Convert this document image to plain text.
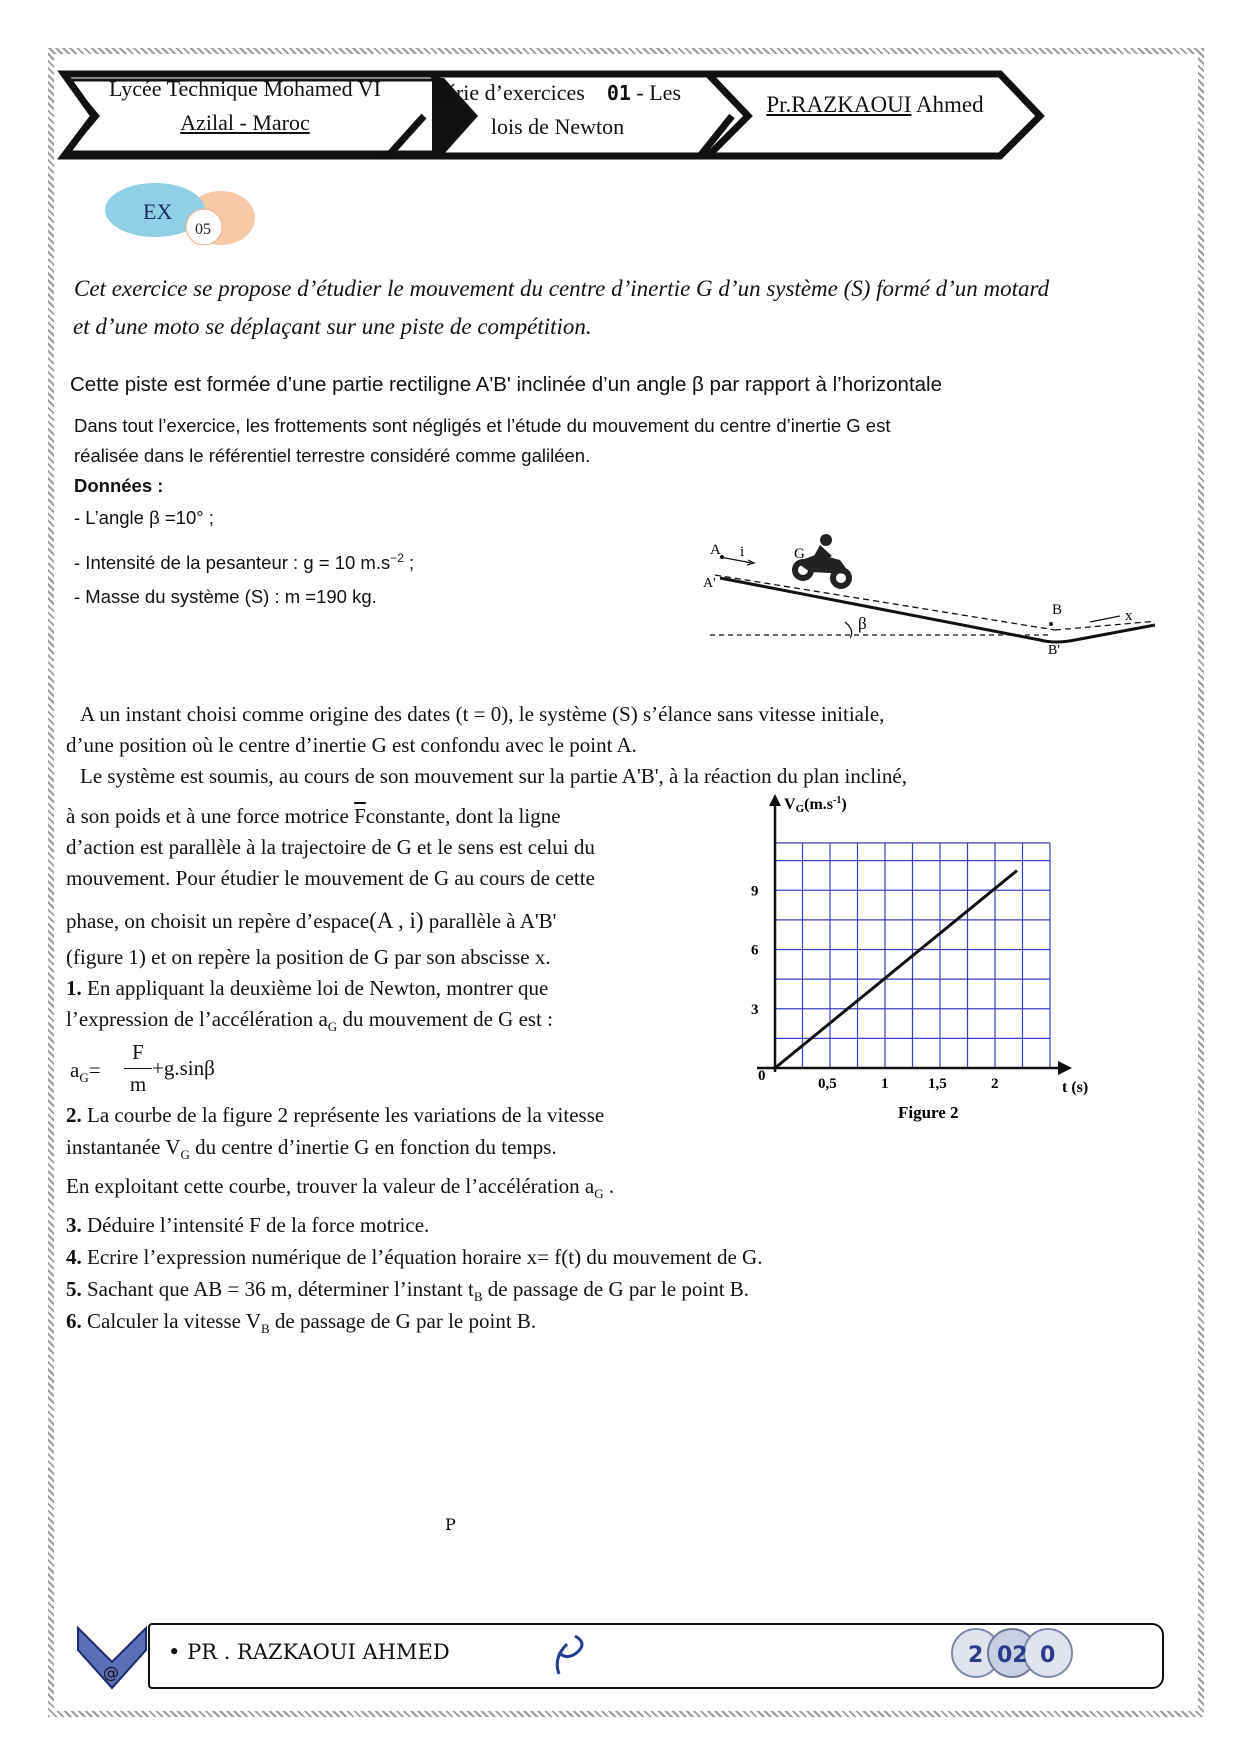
Lycée Technique Mohamed VI
Azilal - Maroc
Série d’exercices 01 - Les
lois de Newton
Pr.RAZKAOUI Ahmed
EX
05
Cet exercice se propose d’étudier le mouvement du centre d’inertie G d’un système (S) formé d’un motard
et d’une moto se déplaçant sur une piste de compétition.
Cette piste est formée d’une partie rectiligne A'B' inclinée d’un angle β par rapport à l’horizontale
Dans tout l’exercice, les frottements sont négligés et l’étude du mouvement du centre d’inertie G est
réalisée dans le référentiel terrestre considéré comme galiléen.
Données :
- L’angle β =10° ;
- Intensité de la pesanteur : g = 10 $m.s^{-2}$ ;
- Masse du système (S) : m =190 kg.
A i	G
A'
B
B'
β	x
A un instant choisi comme origine des dates (t = 0), le système (S) s’élance sans vitesse initiale,
d’une position où le centre d’inertie G est confondu avec le point A.
Le système est soumis, au cours de son mouvement sur la partie A'B', à la réaction du plan incliné,
à son poids et à une force motrice $\overline{F}constante$, dont la ligne
d’action est parallèle à la trajectoire de G et le sens est celui du
mouvement. Pour étudier le mouvement de G au cours de cette
phase, on choisit un repère d’espace(A , i) parallèle à A'B'
(figure 1) et on repère la position de G par son abscisse x.
1. En appliquant la deuxième loi de Newton, montrer que
l’expression de l’accélération $a_G$ du mouvement de G est :
$a_G=$
F
m
+g.sinβ
2. La courbe de la figure 2 représente les variations de la vitesse
instantanée $V_G$ du centre d’inertie G en fonction du temps.
En exploitant cette courbe, trouver la valeur de l’accélération $a_G$ .
3. Déduire l’intensité F de la force motrice.
4. Ecrire l’expression numérique de l’équation horaire x= f(t) du mouvement de G.
5. Sachant que AB = 36 m, déterminer l’instant $t_B$ de passage de G par le point B.
6. Calculer la vitesse $V_B$ de passage de G par le point B.
0,5	1	1,5	2
3
6
9
$VG(m.s^{-1})$
t (s)
0
Figure 2
@
• PR . RAZKAOUI AHMED
P
2 02 0
